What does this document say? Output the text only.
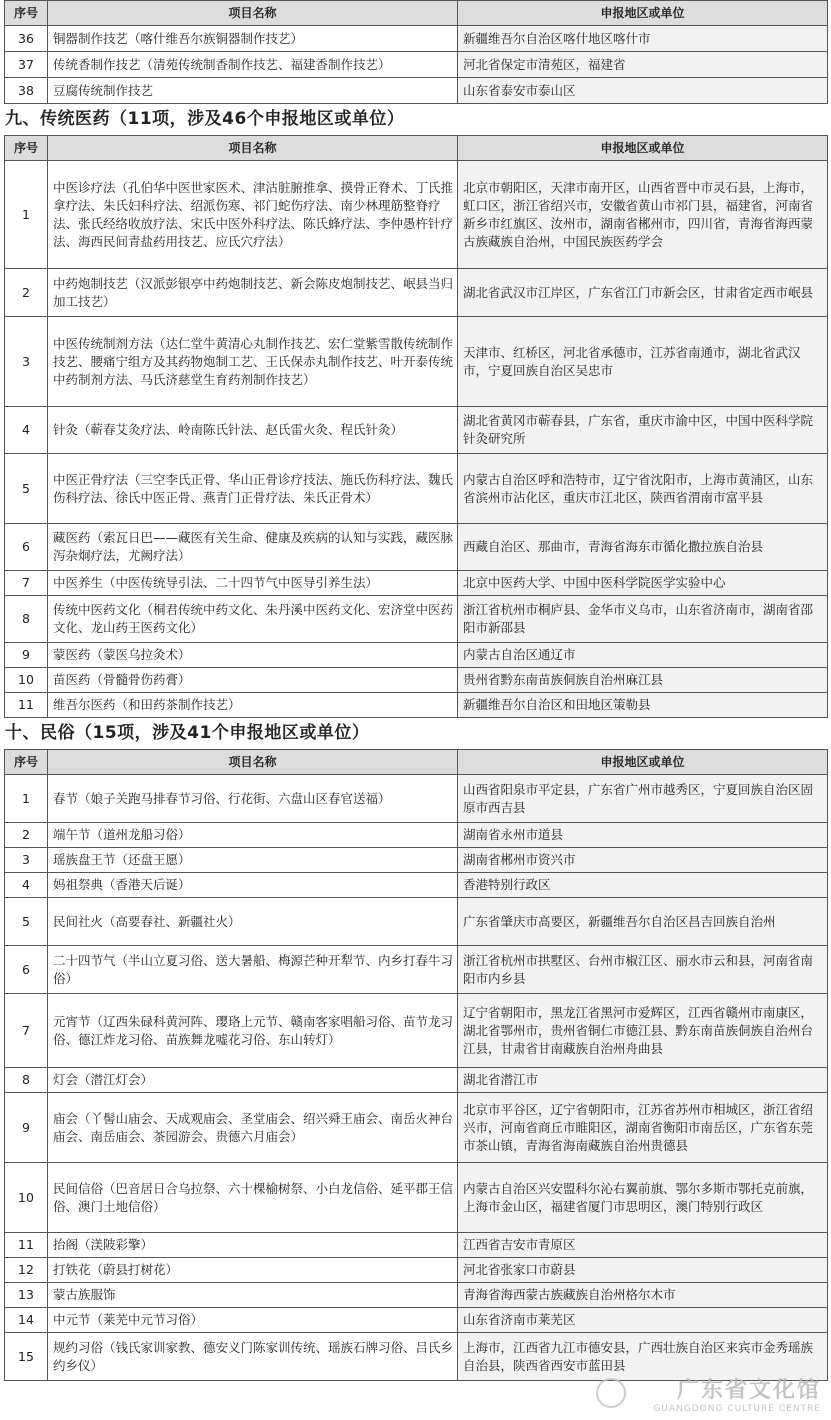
序号	项目名称	申报地区或单位
36	铜器制作技艺（喀什维吾尔族铜器制作技艺）	新疆维吾尔自治区喀什地区喀什市
37	传统香制作技艺（清苑传统制香制作技艺、福建香制作技艺）	河北省保定市清苑区，福建省
38	豆腐传统制作技艺	山东省泰安市泰山区
九、传统医药（11项，涉及46个申报地区或单位）
序号	项目名称	申报地区或单位
1	中医诊疗法（孔伯华中医世家医术、津沽脏腑推拿、摸骨正脊术、丁氏推拿疗法、朱氏妇科疗法、绍派伤寒、祁门蛇伤疗法、南少林理筋整脊疗法、张氏经络收放疗法、宋氏中医外科疗法、陈氏蜂疗法、李仲愚杵针疗法、海西民间青盐药用技艺、应氏穴疗法）	北京市朝阳区，天津市南开区，山西省晋中市灵石县，上海市，虹口区，浙江省绍兴市，安徽省黄山市祁门县，福建省，河南省新乡市红旗区、汝州市，湖南省郴州市，四川省，青海省海西蒙古族藏族自治州，中国民族医药学会
2	中药炮制技艺（汉派彭银亭中药炮制技艺、新会陈皮炮制技艺、岷县当归加工技艺）	湖北省武汉市江岸区，广东省江门市新会区，甘肃省定西市岷县
3	中医传统制剂方法（达仁堂牛黄清心丸制作技艺、宏仁堂紫雪散传统制作技艺、腰痛宁组方及其药物炮制工艺、王氏保赤丸制作技艺、叶开泰传统中药制剂方法、马氏济慈堂生育药剂制作技艺）	天津市、红桥区，河北省承德市，江苏省南通市，湖北省武汉市，宁夏回族自治区吴忠市
4	针灸（蕲春艾灸疗法、岭南陈氏针法、赵氏雷火灸、程氏针灸）	湖北省黄冈市蕲春县，广东省，重庆市渝中区，中国中医科学院针灸研究所
5	中医正骨疗法（三空李氏正骨、华山正骨诊疗技法、施氏伤科疗法、魏氏伤科疗法、徐氏中医正骨、燕青门正骨疗法、朱氏正骨术）	内蒙古自治区呼和浩特市，辽宁省沈阳市，上海市黄浦区，山东省滨州市沾化区，重庆市江北区，陕西省渭南市富平县
6	藏医药（索瓦日巴——藏医有关生命、健康及疾病的认知与实践，藏医脉泻杂炯疗法，尤阙疗法）	西藏自治区、那曲市，青海省海东市循化撒拉族自治县
7	中医养生（中医传统导引法、二十四节气中医导引养生法）	北京中医药大学、中国中医科学院医学实验中心
8	传统中医药文化（桐君传统中药文化、朱丹溪中医药文化、宏济堂中医药文化、龙山药王医药文化）	浙江省杭州市桐庐县、金华市义乌市，山东省济南市，湖南省邵阳市新邵县
9	蒙医药（蒙医乌拉灸术）	内蒙古自治区通辽市
10	苗医药（骨髓骨伤药膏）	贵州省黔东南苗族侗族自治州麻江县
11	维吾尔医药（和田药茶制作技艺）	新疆维吾尔自治区和田地区策勒县
十、民俗（15项，涉及41个申报地区或单位）
序号	项目名称	申报地区或单位
1	春节（娘子关跑马排春节习俗、行花街、六盘山区春官送福）	山西省阳泉市平定县，广东省广州市越秀区，宁夏回族自治区固原市西吉县
2	端午节（道州龙船习俗）	湖南省永州市道县
3	瑶族盘王节（还盘王愿）	湖南省郴州市资兴市
4	妈祖祭典（香港天后诞）	香港特别行政区
5	民间社火（高要春社、新疆社火）	广东省肇庆市高要区，新疆维吾尔自治区昌吉回族自治州
6	二十四节气（半山立夏习俗、送大暑船、梅源芒种开犁节、内乡打春牛习俗）	浙江省杭州市拱墅区、台州市椒江区、丽水市云和县，河南省南阳市内乡县
7	元宵节（辽西朱碌科黄河阵、璎珞上元节、赣南客家唱船习俗、苗节龙习俗、德江炸龙习俗、苗族舞龙嘘花习俗、东山转灯）	辽宁省朝阳市，黑龙江省黑河市爱辉区，江西省赣州市南康区，湖北省鄂州市，贵州省铜仁市德江县、黔东南苗族侗族自治州台江县，甘肃省甘南藏族自治州舟曲县
8	灯会（潜江灯会）	湖北省潜江市
9	庙会（丫髻山庙会、天成观庙会、圣堂庙会、绍兴舜王庙会、南岳火神台庙会、南岳庙会、茶园游会、贵德六月庙会）	北京市平谷区，辽宁省朝阳市，江苏省苏州市相城区，浙江省绍兴市，河南省商丘市睢阳区，湖南省衡阳市南岳区，广东省东莞市茶山镇，青海省海南藏族自治州贵德县
10	民间信俗（巴音居日合乌拉祭、六十棵榆树祭、小白龙信俗、延平郡王信俗、澳门土地信俗）	内蒙古自治区兴安盟科尔沁右翼前旗、鄂尔多斯市鄂托克前旗，上海市金山区，福建省厦门市思明区，澳门特别行政区
11	抬阁（渼陂彩擎）	江西省吉安市青原区
12	打铁花（蔚县打树花）	河北省张家口市蔚县
13	蒙古族服饰	青海省海西蒙古族藏族自治州格尔木市
14	中元节（莱芜中元节习俗）	山东省济南市莱芜区
15	规约习俗（钱氏家训家教、德安义门陈家训传统、瑶族石牌习俗、吕氏乡约乡仪）	上海市，江西省九江市德安县，广西壮族自治区来宾市金秀瑶族自治县，陕西省西安市蓝田县
广东省文化馆
GUANGDONG CULTURE CENTRE
